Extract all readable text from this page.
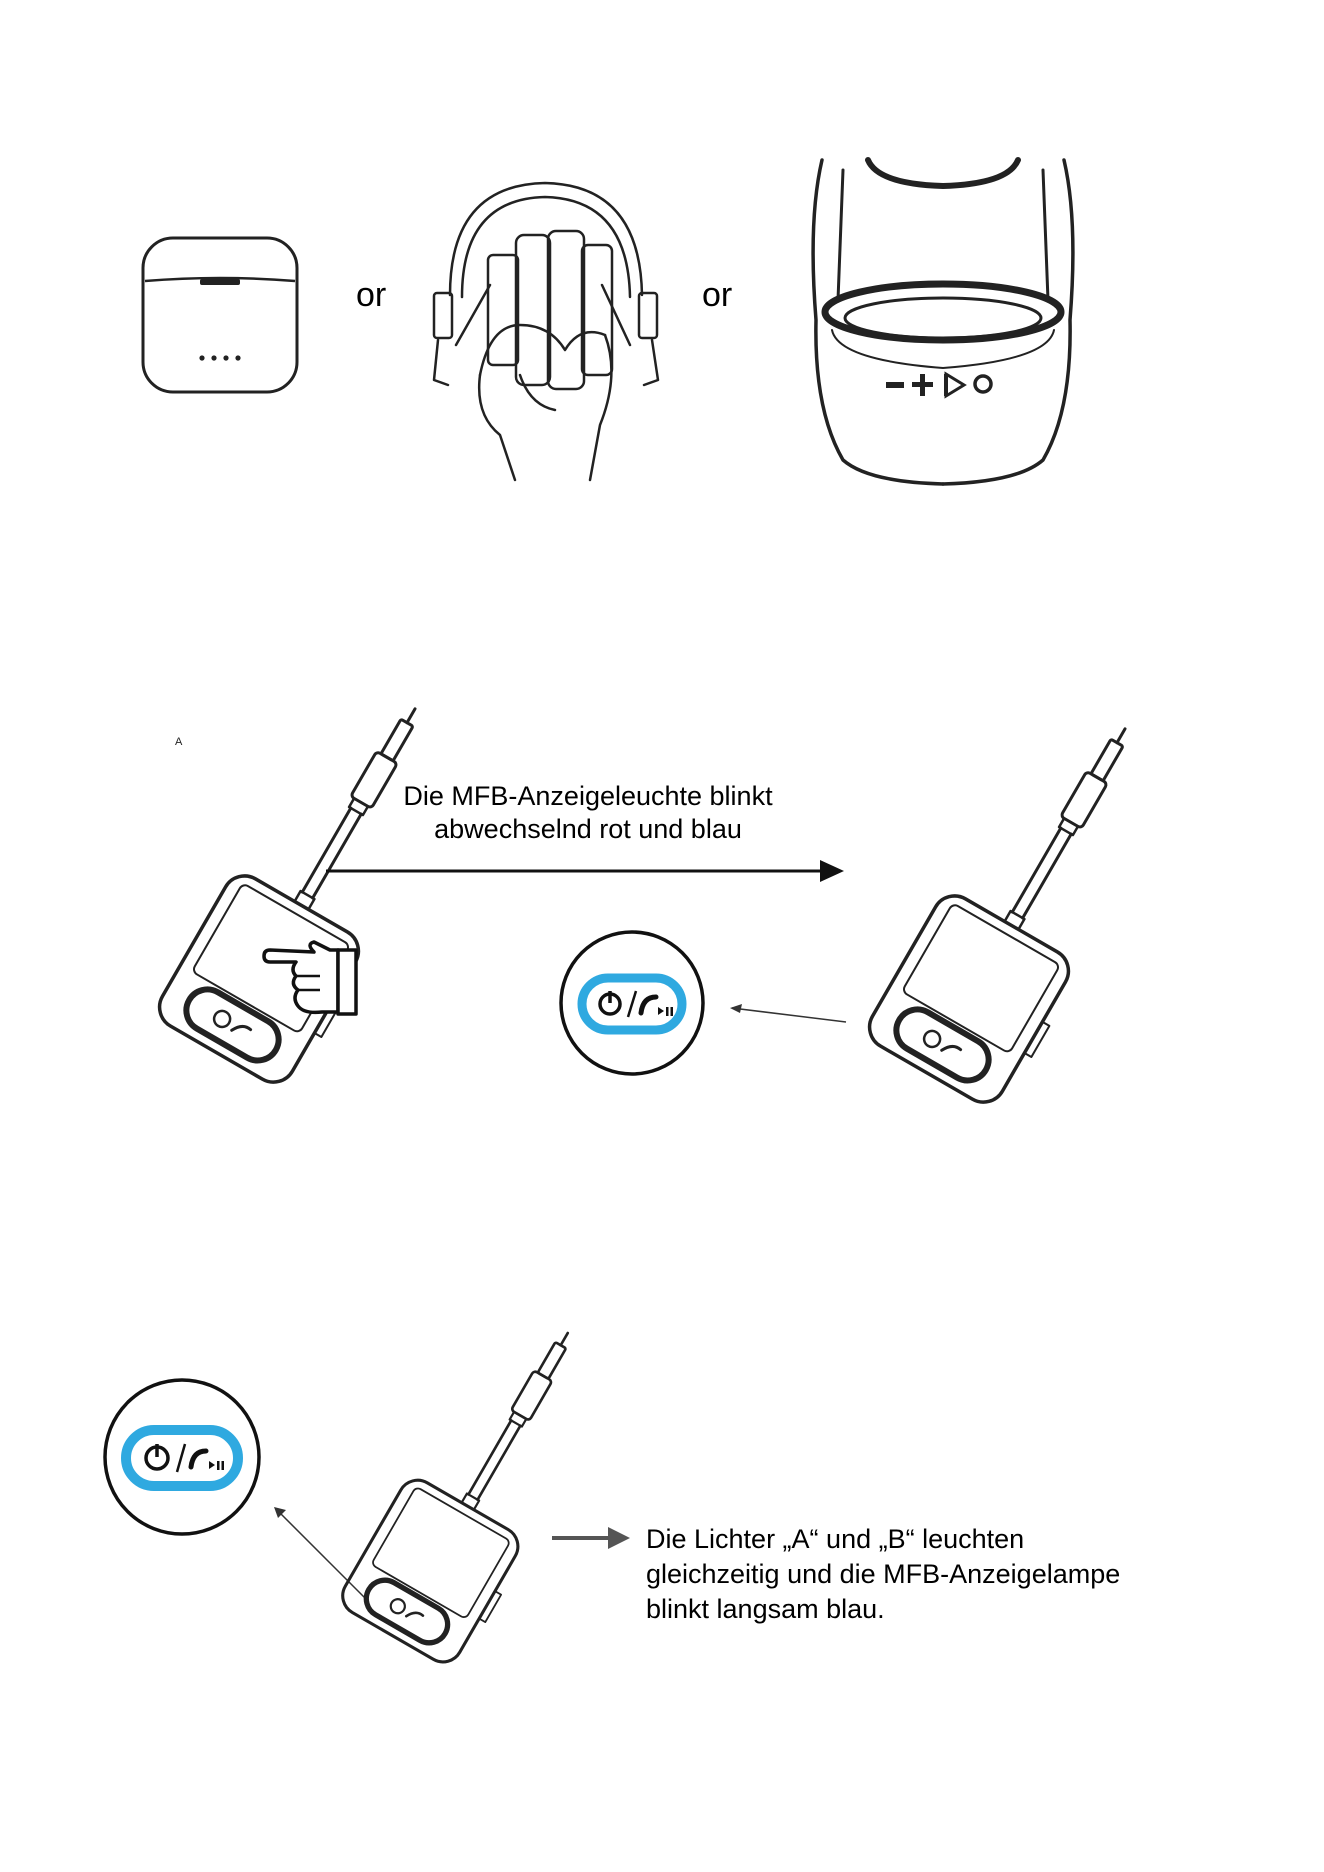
or	or
A
Die MFB-Anzeigeleuchte blinkt
abwechselnd rot und blau
Die Lichter „A“ und „B“ leuchten
gleichzeitig und die MFB-Anzeigelampe
blinkt langsam blau.
